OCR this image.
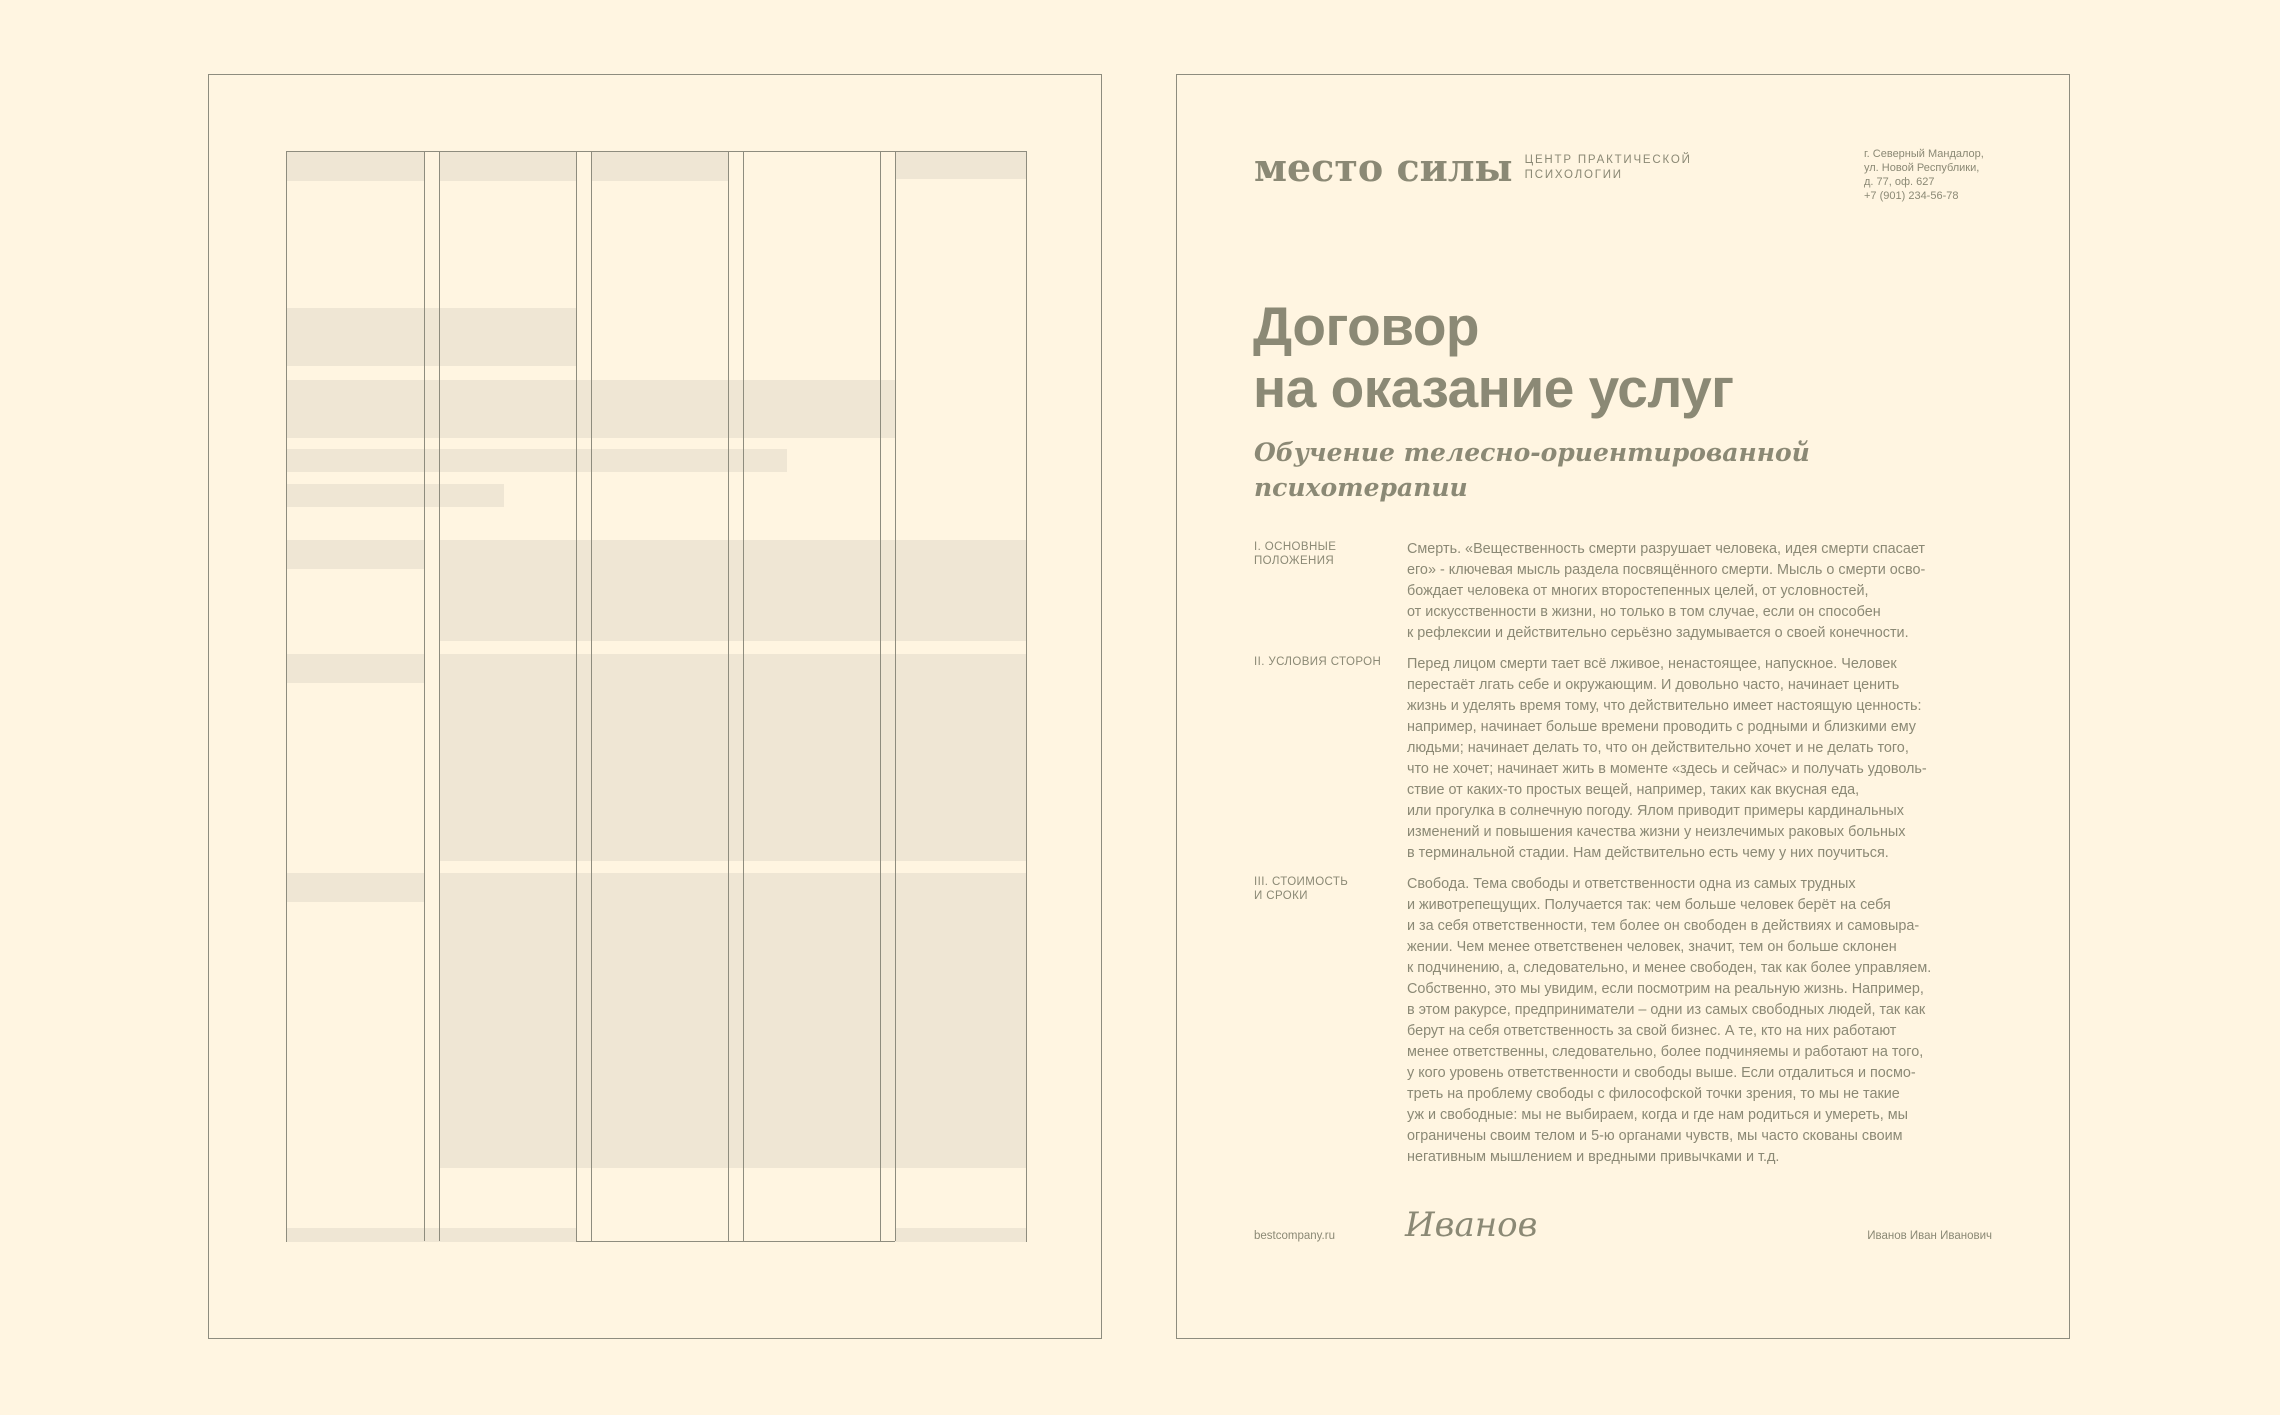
место силы ЦЕНТР ПРАКТИЧЕСКОЙ
ПСИХОЛОГИИ
г. Северный Мандалор,
ул. Новой Республики,
д. 77, оф. 627
+7 (901) 234-56-78
Договор
на оказание услуг
Обучение телесно-ориентированной
психотерапии
I. ОСНОВНЫЕ
ПОЛОЖЕНИЯ
Смерть. «Вещественность смерти разрушает человека, идея смерти спасает
его» - ключевая мысль раздела посвящённого смерти. Мысль о смерти осво-
бождает человека от многих второстепенных целей, от условностей,
от искусственности в жизни, но только в том случае, если он способен
к рефлексии и действительно серьёзно задумывается о своей конечности.
II. УСЛОВИЯ СТОРОН	Перед лицом смерти тает всё лживое, ненастоящее, напускное. Человек
перестаёт лгать себе и окружающим. И довольно часто, начинает ценить
жизнь и уделять время тому, что действительно имеет настоящую ценность:
например, начинает больше времени проводить с родными и близкими ему
людьми; начинает делать то, что он действительно хочет и не делать того,
что не хочет; начинает жить в моменте «здесь и сейчас» и получать удоволь-
ствие от каких-то простых вещей, например, таких как вкусная еда,
или прогулка в солнечную погоду. Ялом приводит примеры кардинальных
изменений и повышения качества жизни у неизлечимых раковых больных
в терминальной стадии. Нам действительно есть чему у них поучиться.
III. СТОИМОСТЬ
И СРОКИ
Свобода. Тема свободы и ответственности одна из самых трудных
и животрепещущих. Получается так: чем больше человек берёт на себя
и за себя ответственности, тем более он свободен в действиях и самовыра-
жении. Чем менее ответственен человек, значит, тем он больше склонен
к подчинению, а, следовательно, и менее свободен, так как более управляем.
Собственно, это мы увидим, если посмотрим на реальную жизнь. Например,
в этом ракурсе, предприниматели – одни из самых свободных людей, так как
берут на себя ответственность за свой бизнес. А те, кто на них работают
менее ответственны, следовательно, более подчиняемы и работают на того,
у кого уровень ответственности и свободы выше. Если отдалиться и посмо-
треть на проблему свободы с философской точки зрения, то мы не такие
уж и свободные: мы не выбираем, когда и где нам родиться и умереть, мы
ограничены своим телом и 5-ю органами чувств, мы часто скованы своим
негативным мышлением и вредными привычками и т.д.
bestcompany.ru Иванов	Иванов Иван Иванович
